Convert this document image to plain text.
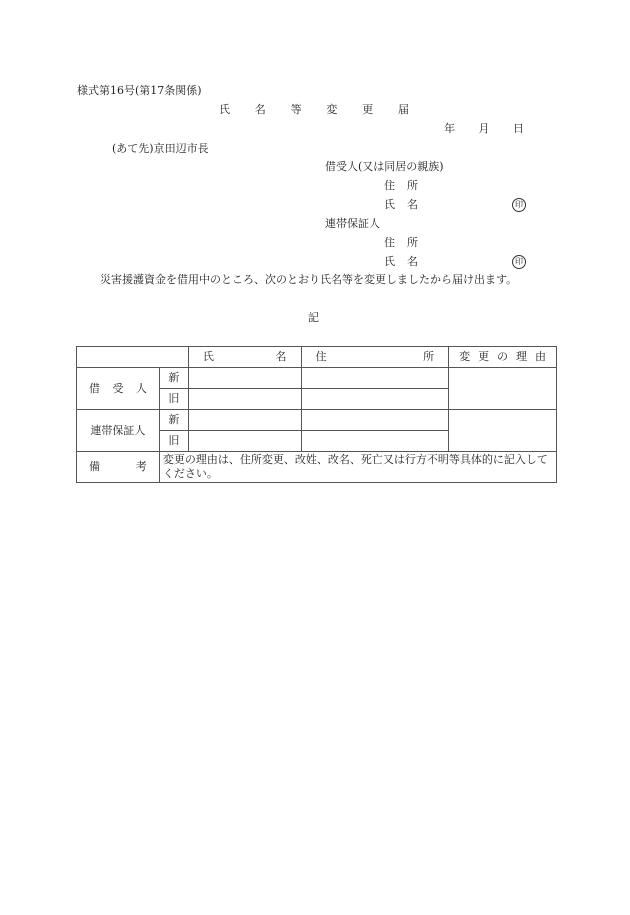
様式第16号(第17条関係)
氏 名 等 変 更 届
年 月 日
(あて先)京田辺市長
借受人(又は同居の親族)
住 所
氏 名	印
連帯保証人
住 所
氏 名	印
災害援護資金を借用中のところ、次のとおり氏名等を変更しましたから届け出ます。
記

		氏 名	住 所	変 更 の 理 由

借 受 人	新			
	旧			
連帯保証人	新			
	旧			

備 考	変更の理由は、住所変更、改姓、改名、死亡又は行方不明等具体的に記入してください。			
